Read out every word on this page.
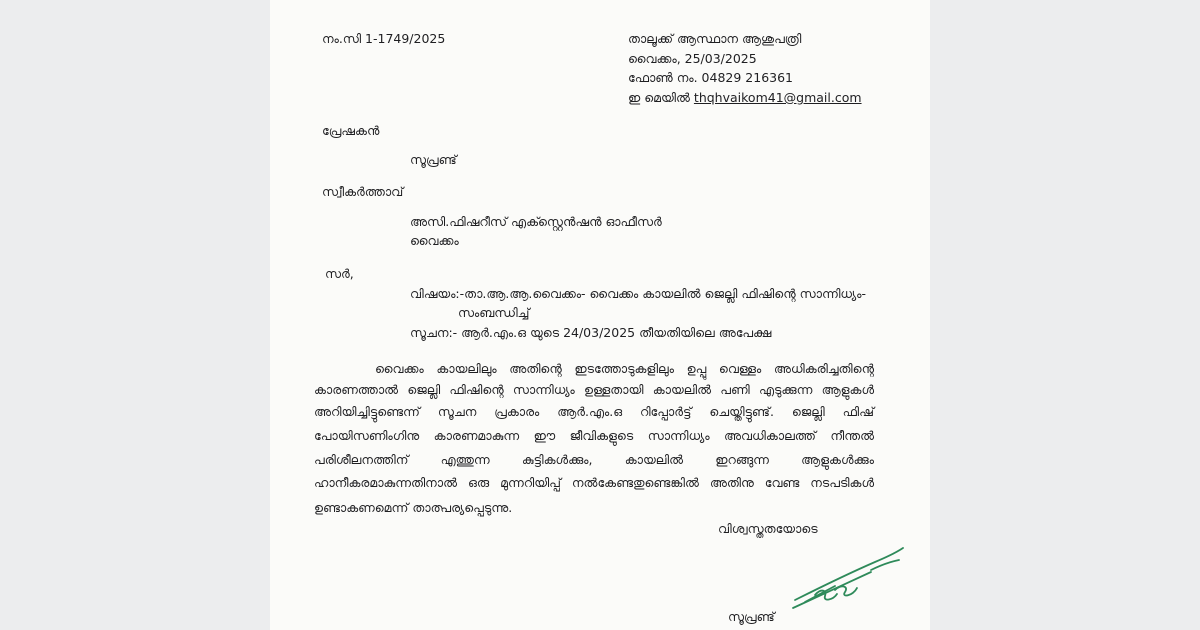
നം.സി 1-1749/2025	താലൂക്ക് ആസ്ഥാന ആശുപത്രി
വൈക്കം, 25/03/2025
ഫോൺ നം. 04829 216361
ഇ മെയിൽ thqhvaikom41@gmail.com
പ്രേഷകൻ
സൂപ്രണ്ട്
സ്വീകർത്താവ്
അസി.ഫിഷറീസ് എക്സ്റ്റെൻഷൻ ഓഫീസർ
വൈക്കം
സർ,
വിഷയം:-താ.ആ.ആ.വൈക്കം- വൈക്കം കായലിൽ ജെല്ലി ഫിഷിന്റെ സാന്നിധ്യം-
സംബന്ധിച്ച്
സൂചന:- ആർ.എം.ഒ യുടെ 24/03/2025 തീയതിയിലെ അപേക്ഷ
വൈക്കം കായലിലും അതിന്റെ ഇടത്തോടുകളിലും ഉപ്പു വെള്ളം അധികരിച്ചതിന്റെ
കാരണത്താൽ ജെല്ലി ഫിഷിന്റെ സാന്നിധ്യം ഉള്ളതായി കായലിൽ പണി എടുക്കുന്ന ആളുകൾ
അറിയിച്ചിട്ടുണ്ടെന്ന് സൂചന പ്രകാരം ആർ.എം.ഒ റിപ്പോർട്ട് ചെയ്തിട്ടുണ്ട്. ജെല്ലി ഫിഷ്
പോയിസണിംഗിനു കാരണമാകുന്ന ഈ ജീവികളുടെ സാന്നിധ്യം അവധികാലത്ത് നീന്തൽ
പരിശീലനത്തിന് എത്തുന്ന കുട്ടികൾക്കും, കായലിൽ ഇറങ്ങുന്ന ആളുകൾക്കും
ഹാനീകരമാകുന്നതിനാൽ ഒരു മുന്നറിയിപ്പ് നൽകേണ്ടതുണ്ടെങ്കിൽ അതിനു വേണ്ട നടപടികൾ
ഉണ്ടാകണമെന്ന് താത്പര്യപ്പെടുന്നു.
വിശ്വസ്തതയോടെ
സൂപ്രണ്ട്
